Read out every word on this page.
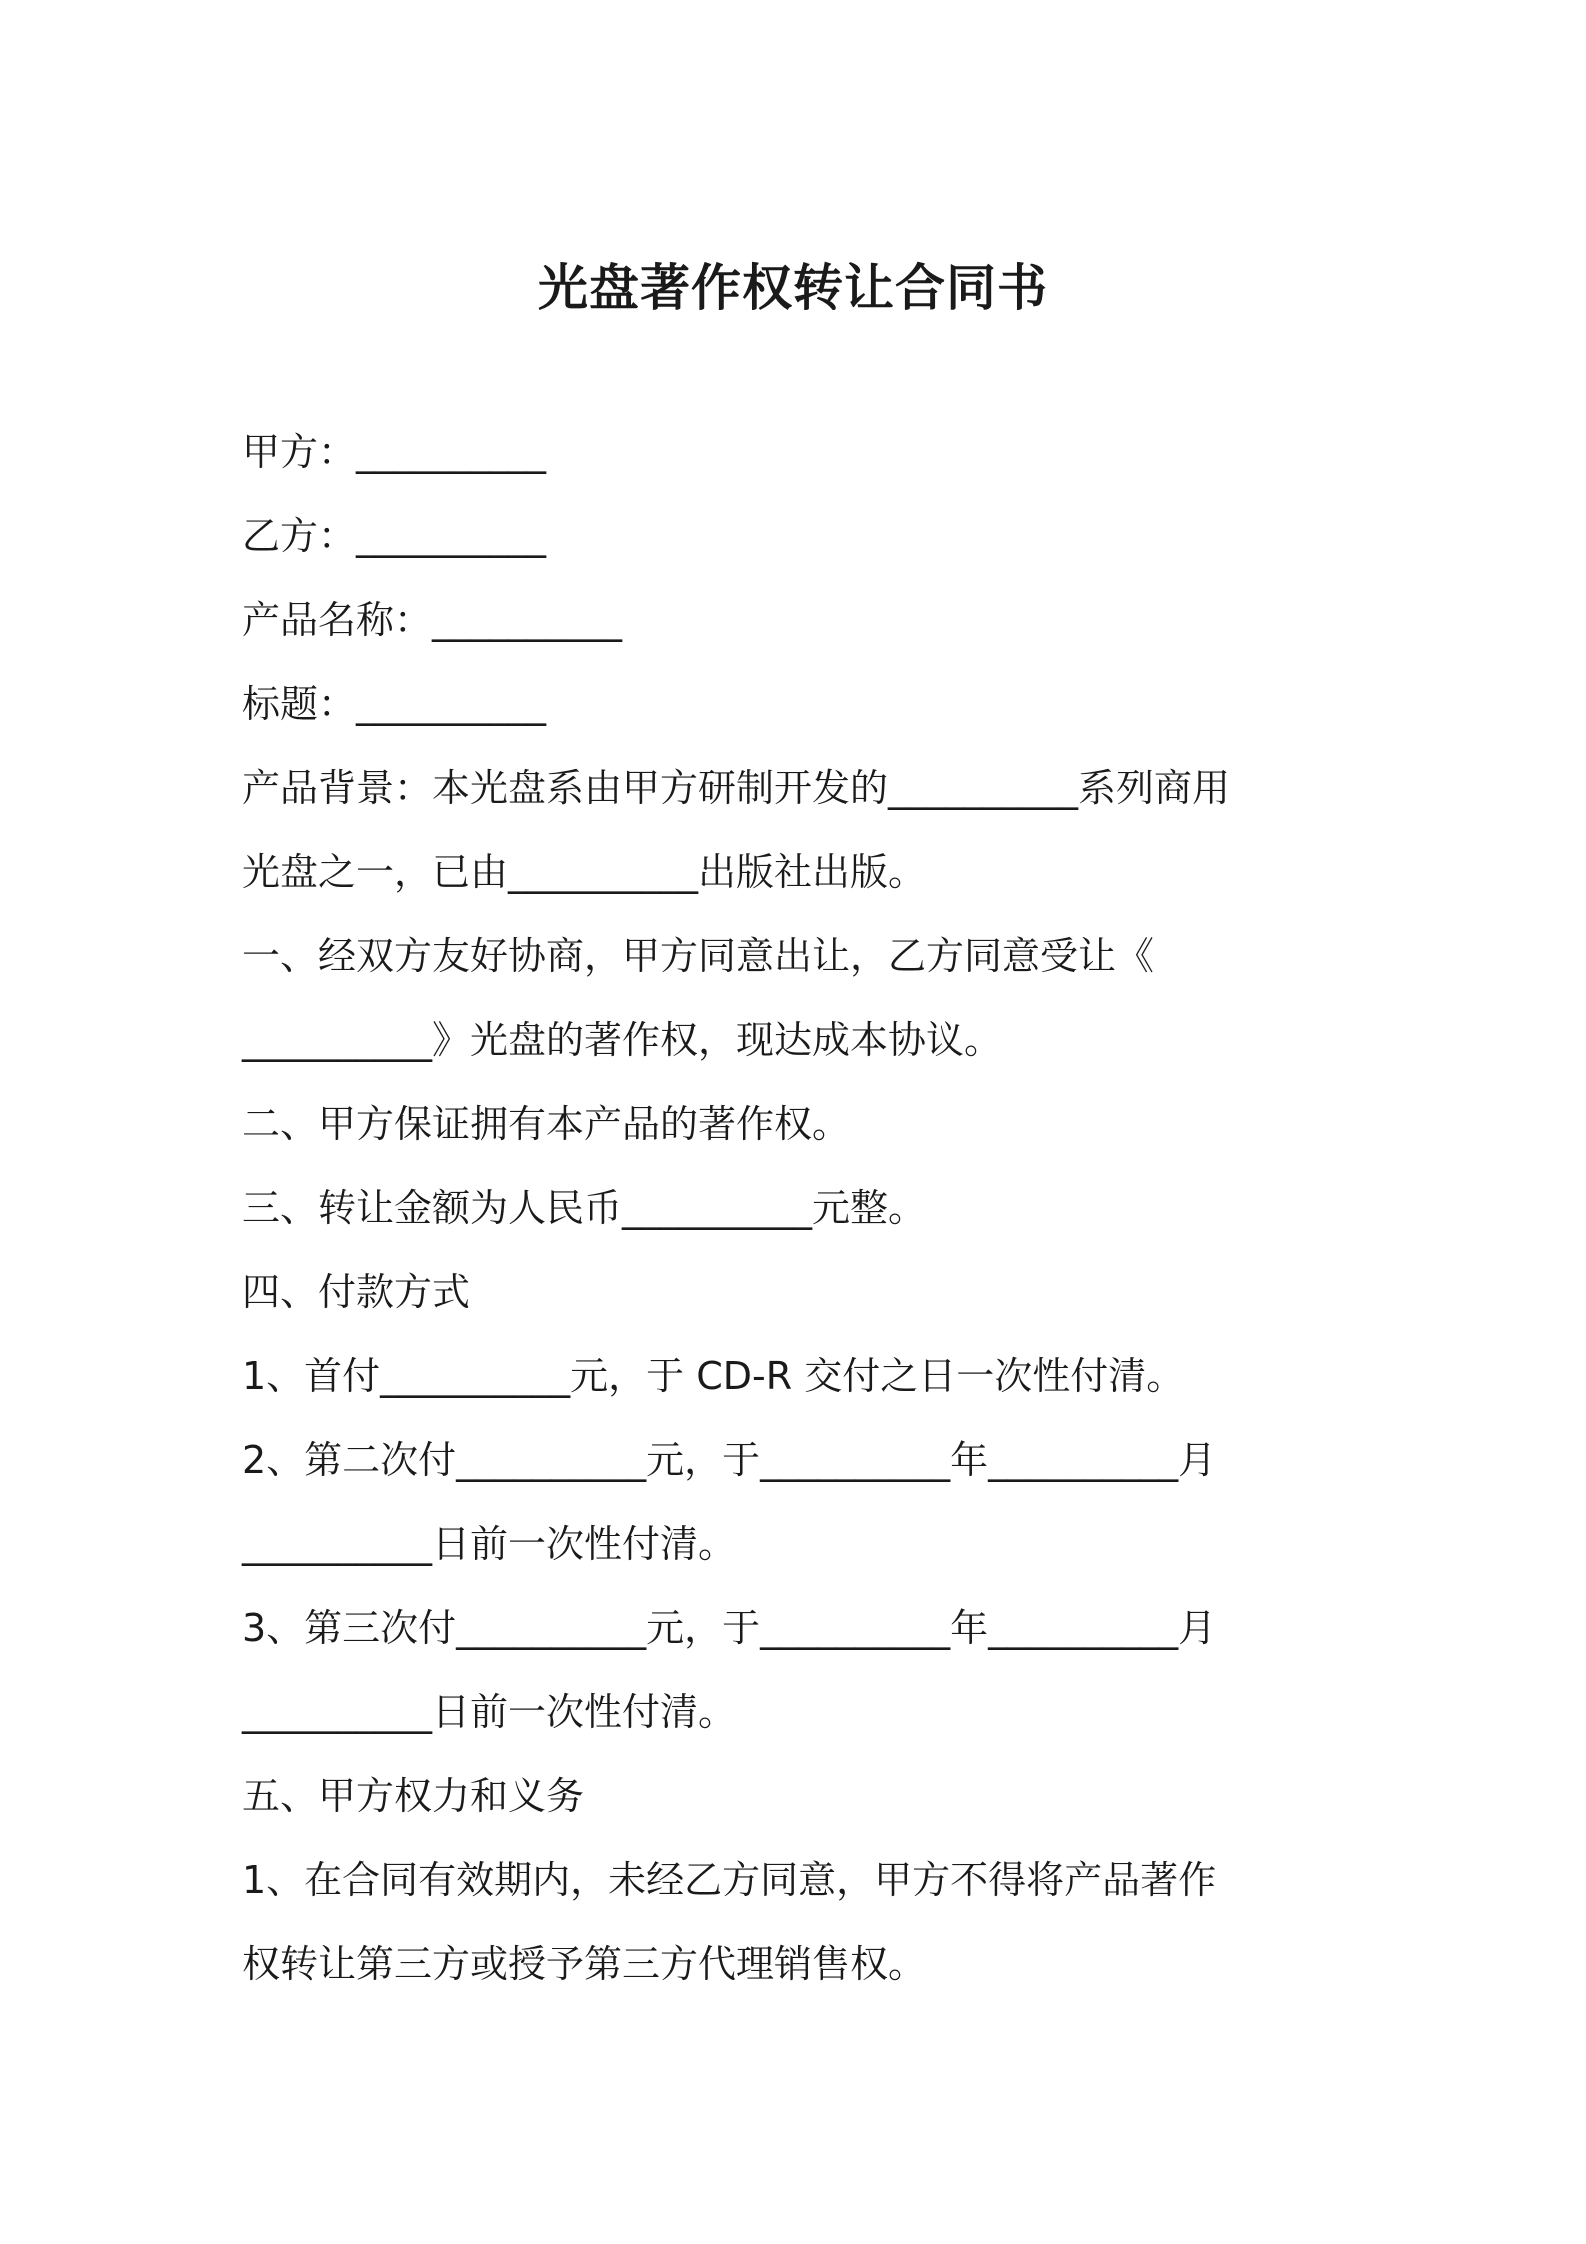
光盘著作权转让合同书
甲方：__________
乙方：__________
产品名称：__________
标题：__________
产品背景：本光盘系由甲方研制开发的__________系列商用
光盘之一，已由__________出版社出版。
一、经双方友好协商，甲方同意出让，乙方同意受让《
__________》光盘的著作权，现达成本协议。
二、甲方保证拥有本产品的著作权。
三、转让金额为人民币__________元整。
四、付款方式
1、首付__________元，于 CD-R 交付之日一次性付清。
2、第二次付__________元，于__________年__________月
__________日前一次性付清。
3、第三次付__________元，于__________年__________月
__________日前一次性付清。
五、甲方权力和义务
1、在合同有效期内，未经乙方同意，甲方不得将产品著作
权转让第三方或授予第三方代理销售权。
